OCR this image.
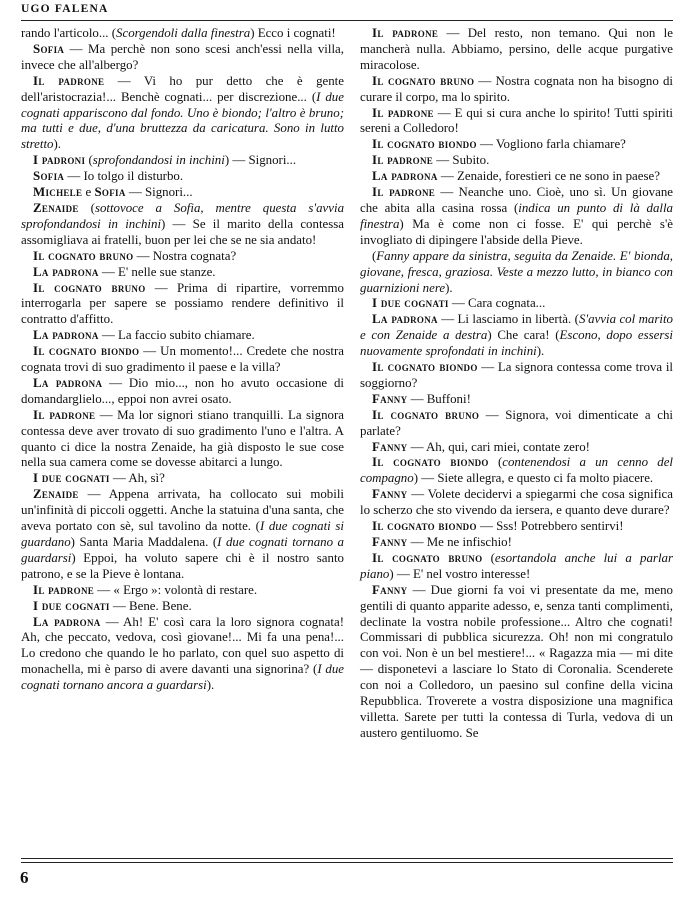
UGO FALENA

rando l'articolo... (Scorgendoli dalla finestra) Ecco i cognati!

Sofia — Ma perchè non sono scesi anch'essi nella villa, invece che all'albergo?

Il padrone — Vi ho pur detto che è gente dell'aristocrazia!... Benchè cognati... per discrezione... (I due cognati appariscono dal fondo. Uno è biondo; l'altro è bruno; ma tutti e due, d'una bruttezza da caricatura. Sono in lutto stretto).

I padroni (sprofondandosi in inchini) — Signori...

Sofia — Io tolgo il disturbo.

Michele e Sofia — Signori...

Zenaide (sottovoce a Sofia, mentre questa s'avvia sprofondandosi in inchini) — Se il marito della contessa assomigliava ai fratelli, buon per lei che se ne sia andato!

Il cognato bruno — Nostra cognata?

La padrona — E' nelle sue stanze.

Il cognato bruno — Prima di ripartire, vorremmo interrogarla per sapere se possiamo rendere definitivo il contratto d'affitto.

La padrona — La faccio subito chiamare.

Il cognato biondo — Un momento!... Credete che nostra cognata trovi di suo gradimento il paese e la villa?

La padrona — Dio mio..., non ho avuto occasione di domandarglielo..., eppoi non avrei osato.

Il padrone — Ma lor signori stiano tranquilli. La signora contessa deve aver trovato di suo gradimento l'uno e l'altra. A quanto ci dice la nostra Zenaide, ha già disposto le sue cose nella sua camera come se dovesse abitarci a lungo.

I due cognati — Ah, sì?

Zenaide — Appena arrivata, ha collocato sui mobili un'infinità di piccoli oggetti. Anche la statuina d'una santa, che aveva portato con sè, sul tavolino da notte. (I due cognati si guardano) Santa Maria Maddalena. (I due cognati tornano a guardarsi) Eppoi, ha voluto sapere chi è il nostro santo patrono, e se la Pieve è lontana.

Il padrone — « Ergo »: volontà di restare.

I due cognati — Bene. Bene.

La padrona — Ah! E' così cara la loro signora cognata! Ah, che peccato, vedova, così giovane!... Mi fa una pena!... Lo credono che quando le ho parlato, con quel suo aspetto di monachella, mi è parso di avere davanti una signorina? (I due cognati tornano ancora a guardarsi).

Il padrone — Del resto, non temano. Qui non le mancherà nulla. Abbiamo, persino, delle acque purgative miracolose.

Il cognato bruno — Nostra cognata non ha bisogno di curare il corpo, ma lo spirito.

Il padrone — E qui si cura anche lo spirito! Tutti spiriti sereni a Colledoro!

Il cognato biondo — Vogliono farla chiamare?

Il padrone — Subito.

La padrona — Zenaide, forestieri ce ne sono in paese?

Il padrone — Neanche uno. Cioè, uno sì. Un giovane che abita alla casina rossa (indica un punto di là dalla finestra) Ma è come non ci fosse. E' qui perchè s'è invogliato di dipingere l'abside della Pieve.

(Fanny appare da sinistra, seguita da Zenaide. E' bionda, giovane, fresca, graziosa. Veste a mezzo lutto, in bianco con guarnizioni nere).

I due cognati — Cara cognata...

La padrona — Li lasciamo in libertà. (S'avvia col marito e con Zenaide a destra) Che cara! (Escono, dopo essersi nuovamente sprofondati in inchini).

Il cognato biondo — La signora contessa come trova il soggiorno?

Fanny — Buffoni!

Il cognato bruno — Signora, voi dimenticate a chi parlate?

Fanny — Ah, qui, cari miei, contate zero!

Il cognato biondo (contenendosi a un cenno del compagno) — Siete allegra, e questo ci fa molto piacere.

Fanny — Volete decidervi a spiegarmi che cosa significa lo scherzo che sto vivendo da iersera, e quanto deve durare?

Il cognato biondo — Sss! Potrebbero sentirvi!

Fanny — Me ne infischio!

Il cognato bruno (esortandola anche lui a parlar piano) — E' nel vostro interesse!

Fanny — Due giorni fa voi vi presentate da me, meno gentili di quanto apparite adesso, e, senza tanti complimenti, declinate la vostra nobile professione... Altro che cognati! Commissari di pubblica sicurezza. Oh! non mi congratulo con voi. Non è un bel mestiere!... « Ragazza mia — mi dite — disponetevi a lasciare lo Stato di Coronalia. Scenderete con noi a Colledoro, un paesino sul confine della vicina Repubblica. Troverete a vostra disposizione una magnifica villetta. Sarete per tutti la contessa di Turla, vedova di un austero gentiluomo. Se

6
